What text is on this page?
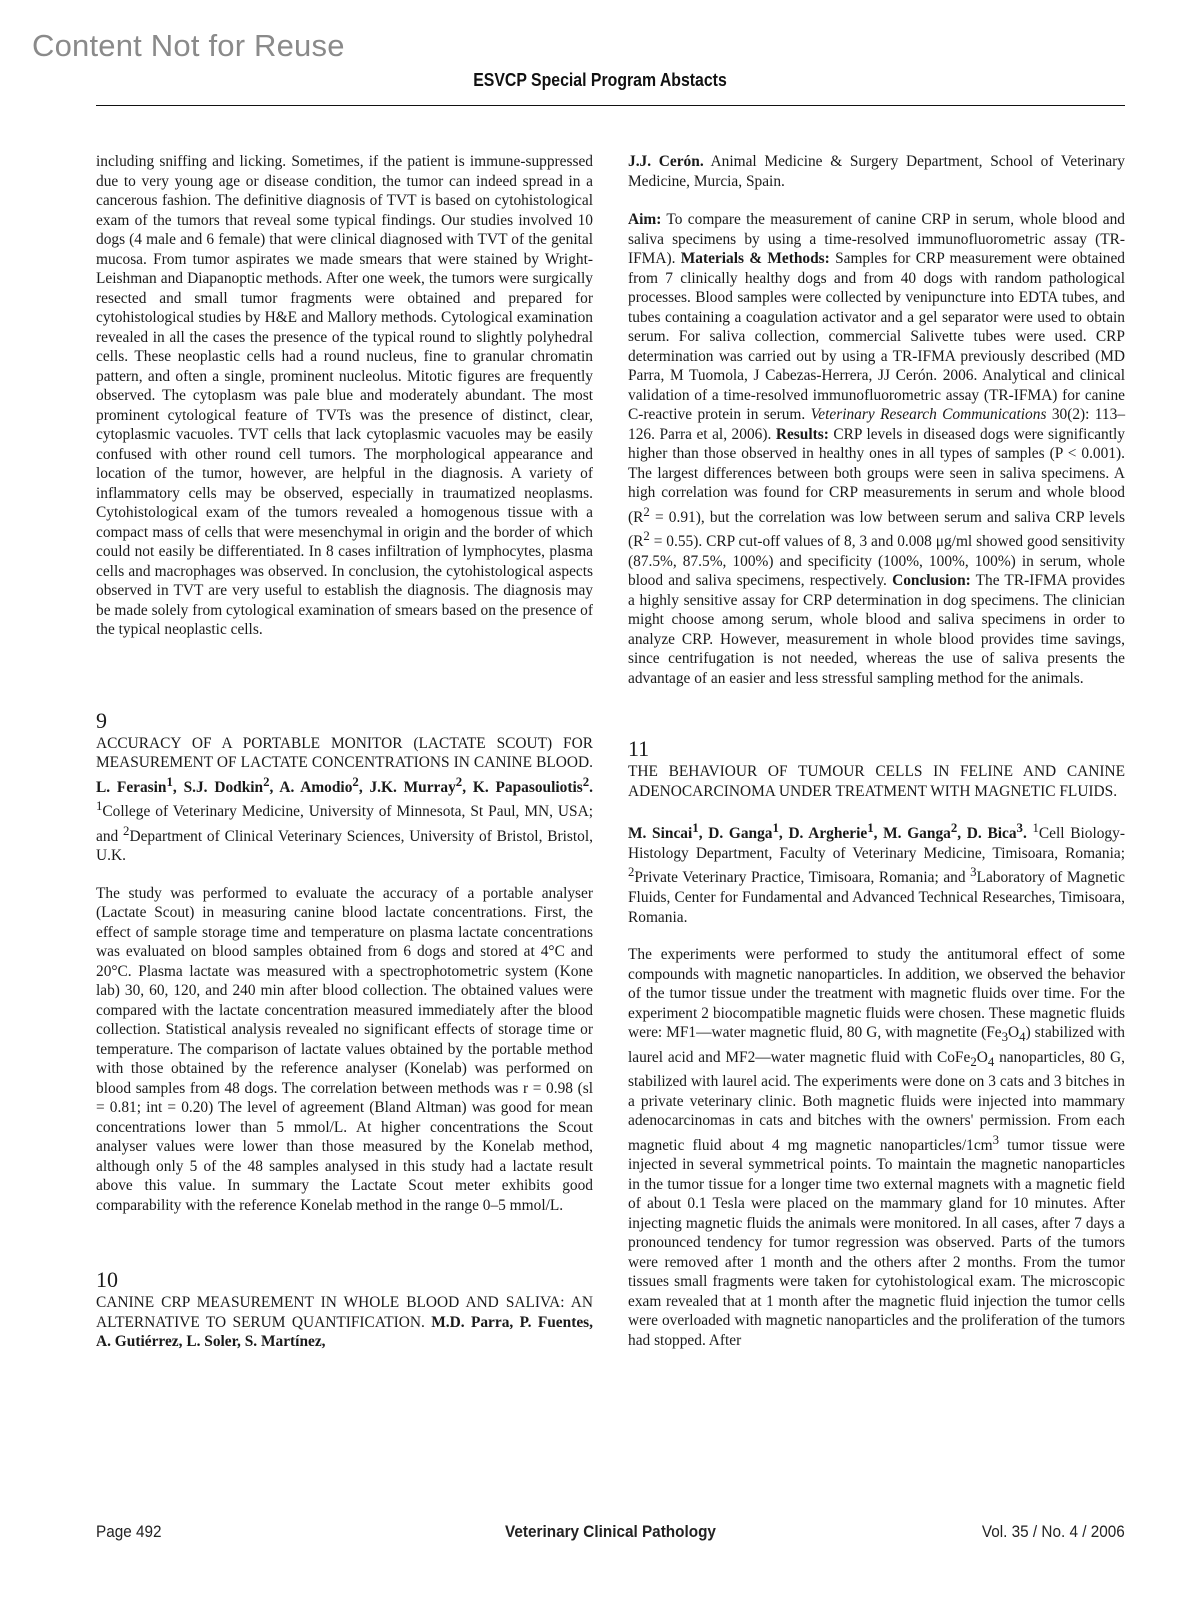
Content Not for Reuse
ESVCP Special Program Abstacts

including sniffing and licking. Sometimes, if the patient is immune-suppressed due to very young age or disease condition, the tumor can indeed spread in a cancerous fashion. The definitive diagnosis of TVT is based on cytohistological exam of the tumors that reveal some typical findings. Our studies involved 10 dogs (4 male and 6 female) that were clinical diagnosed with TVT of the genital mucosa. From tumor aspirates we made smears that were stained by Wright-Leishman and Diapanoptic methods. After one week, the tumors were surgically resected and small tumor fragments were obtained and prepared for cytohistological studies by H&E and Mallory methods. Cytological examination revealed in all the cases the presence of the typical round to slightly polyhedral cells. These neoplastic cells had a round nucleus, fine to granular chromatin pattern, and often a single, prominent nucleolus. Mitotic figures are frequently observed. The cytoplasm was pale blue and moderately abundant. The most prominent cytological feature of TVTs was the presence of distinct, clear, cytoplasmic vacuoles. TVT cells that lack cytoplasmic vacuoles may be easily confused with other round cell tumors. The morphological appearance and location of the tumor, however, are helpful in the diagnosis. A variety of inflammatory cells may be observed, especially in traumatized neoplasms. Cytohistological exam of the tumors revealed a homogenous tissue with a compact mass of cells that were mesenchymal in origin and the border of which could not easily be differentiated. In 8 cases infiltration of lymphocytes, plasma cells and macrophages was observed. In conclusion, the cytohistological aspects observed in TVT are very useful to establish the diagnosis. The diagnosis may be made solely from cytological examination of smears based on the presence of the typical neoplastic cells.

9

ACCURACY OF A PORTABLE MONITOR (LACTATE SCOUT) FOR MEASUREMENT OF LACTATE CONCENTRATIONS IN CANINE BLOOD. L. Ferasin$^1$, S.J. Dodkin$^2$, A. Amodio$^2$, J.K. Murray$^2$, K. Papasouliotis$^2$. $^1$College of Veterinary Medicine, University of Minnesota, St Paul, MN, USA; and $^2$Department of Clinical Veterinary Sciences, University of Bristol, Bristol, U.K.

The study was performed to evaluate the accuracy of a portable analyser (Lactate Scout) in measuring canine blood lactate concentrations. First, the effect of sample storage time and temperature on plasma lactate concentrations was evaluated on blood samples obtained from 6 dogs and stored at 4°C and 20°C. Plasma lactate was measured with a spectrophotometric system (Kone lab) 30, 60, 120, and 240 min after blood collection. The obtained values were compared with the lactate concentration measured immediately after the blood collection. Statistical analysis revealed no significant effects of storage time or temperature. The comparison of lactate values obtained by the portable method with those obtained by the reference analyser (Konelab) was performed on blood samples from 48 dogs. The correlation between methods was r = 0.98 (sl = 0.81; int = 0.20) The level of agreement (Bland Altman) was good for mean concentrations lower than 5 mmol/L. At higher concentrations the Scout analyser values were lower than those measured by the Konelab method, although only 5 of the 48 samples analysed in this study had a lactate result above this value. In summary the Lactate Scout meter exhibits good comparability with the reference Konelab method in the range 0–5 mmol/L.

10

CANINE CRP MEASUREMENT IN WHOLE BLOOD AND SALIVA: AN ALTERNATIVE TO SERUM QUANTIFICATION. M.D. Parra, P. Fuentes, A. Gutiérrez, L. Soler, S. Martínez,

J.J. Cerón. Animal Medicine & Surgery Department, School of Veterinary Medicine, Murcia, Spain.

Aim: To compare the measurement of canine CRP in serum, whole blood and saliva specimens by using a time-resolved immunofluorometric assay (TR-IFMA). Materials & Methods: Samples for CRP measurement were obtained from 7 clinically healthy dogs and from 40 dogs with random pathological processes. Blood samples were collected by venipuncture into EDTA tubes, and tubes containing a coagulation activator and a gel separator were used to obtain serum. For saliva collection, commercial Salivette tubes were used. CRP determination was carried out by using a TR-IFMA previously described (MD Parra, M Tuomola, J Cabezas-Herrera, JJ Cerón. 2006. Analytical and clinical validation of a time-resolved immunofluorometric assay (TR-IFMA) for canine C-reactive protein in serum. Veterinary Research Communications 30(2): 113–126. Parra et al, 2006). Results: CRP levels in diseased dogs were significantly higher than those observed in healthy ones in all types of samples (P < 0.001). The largest differences between both groups were seen in saliva specimens. A high correlation was found for CRP measurements in serum and whole blood $(R^2 = 0.91)$, but the correlation was low between serum and saliva CRP levels $(R^2 = 0.55)$. CRP cut-off values of 8, 3 and 0.008 μg/ml showed good sensitivity (87.5%, 87.5%, 100%) and specificity (100%, 100%, 100%) in serum, whole blood and saliva specimens, respectively. Conclusion: The TR-IFMA provides a highly sensitive assay for CRP determination in dog specimens. The clinician might choose among serum, whole blood and saliva specimens in order to analyze CRP. However, measurement in whole blood provides time savings, since centrifugation is not needed, whereas the use of saliva presents the advantage of an easier and less stressful sampling method for the animals.

11

THE BEHAVIOUR OF TUMOUR CELLS IN FELINE AND CANINE ADENOCARCINOMA UNDER TREATMENT WITH MAGNETIC FLUIDS.

M. Sincai$^1$, D. Ganga$^1$, D. Argherie$^1$, M. Ganga$^2$, D. Bica$^3$. $^1$Cell Biology-Histology Department, Faculty of Veterinary Medicine, Timisoara, Romania; $^2$Private Veterinary Practice, Timisoara, Romania; and $^3$Laboratory of Magnetic Fluids, Center for Fundamental and Advanced Technical Researches, Timisoara, Romania.

The experiments were performed to study the antitumoral effect of some compounds with magnetic nanoparticles. In addition, we observed the behavior of the tumor tissue under the treatment with magnetic fluids over time. For the experiment 2 biocompatible magnetic fluids were chosen. These magnetic fluids were: MF1—water magnetic fluid, 80 G, with magnetite $(Fe_3O_4)$ stabilized with laurel acid and MF2—water magnetic fluid with $CoFe_2O_4$ nanoparticles, 80 G, stabilized with laurel acid. The experiments were done on 3 cats and 3 bitches in a private veterinary clinic. Both magnetic fluids were injected into mammary adenocarcinomas in cats and bitches with the owners' permission. From each magnetic fluid about 4 mg magnetic nanoparticles/$1cm^3$ tumor tissue were injected in several symmetrical points. To maintain the magnetic nanoparticles in the tumor tissue for a longer time two external magnets with a magnetic field of about 0.1 Tesla were placed on the mammary gland for 10 minutes. After injecting magnetic fluids the animals were monitored. In all cases, after 7 days a pronounced tendency for tumor regression was observed. Parts of the tumors were removed after 1 month and the others after 2 months. From the tumor tissues small fragments were taken for cytohistological exam. The microscopic exam revealed that at 1 month after the magnetic fluid injection the tumor cells were overloaded with magnetic nanoparticles and the proliferation of the tumors had stopped. After

Page 492	Veterinary Clinical Pathology	Vol. 35 / No. 4 / 2006
